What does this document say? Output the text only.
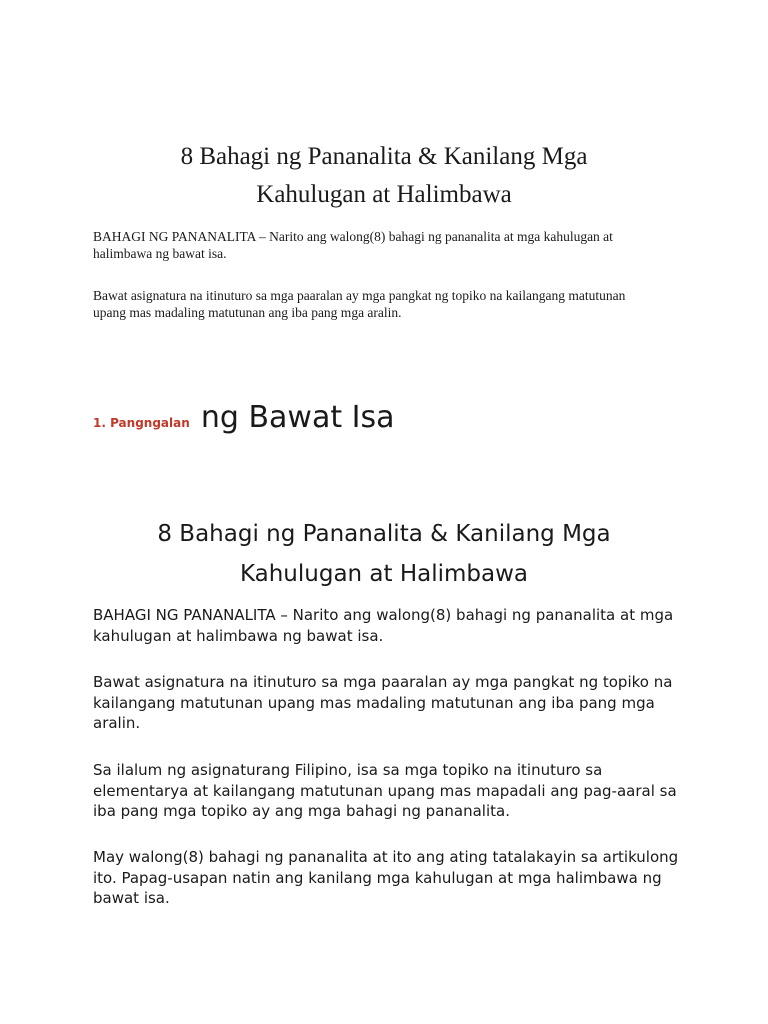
8 Bahagi ng Pananalita & Kanilang Mga
Kahulugan at Halimbawa
BAHAGI NG PANANALITA – Narito ang walong(8) bahagi ng pananalita at mga kahulugan at halimbawa ng bawat isa.
Bawat asignatura na itinuturo sa mga paaralan ay mga pangkat ng topiko na kailangang matutunan upang mas madaling matutunan ang iba pang mga aralin.
1. Pangngalan ng Bawat Isa
8 Bahagi ng Pananalita & Kanilang Mga
Kahulugan at Halimbawa
BAHAGI NG PANANALITA – Narito ang walong(8) bahagi ng pananalita at mga kahulugan at halimbawa ng bawat isa.
Bawat asignatura na itinuturo sa mga paaralan ay mga pangkat ng topiko na kailangang matutunan upang mas madaling matutunan ang iba pang mga aralin.
Sa ilalum ng asignaturang Filipino, isa sa mga topiko na itinuturo sa elementarya at kailangang matutunan upang mas mapadali ang pag-aaral sa iba pang mga topiko ay ang mga bahagi ng pananalita.
May walong(8) bahagi ng pananalita at ito ang ating tatalakayin sa artikulong ito. Papag-usapan natin ang kanilang mga kahulugan at mga halimbawa ng bawat isa.
